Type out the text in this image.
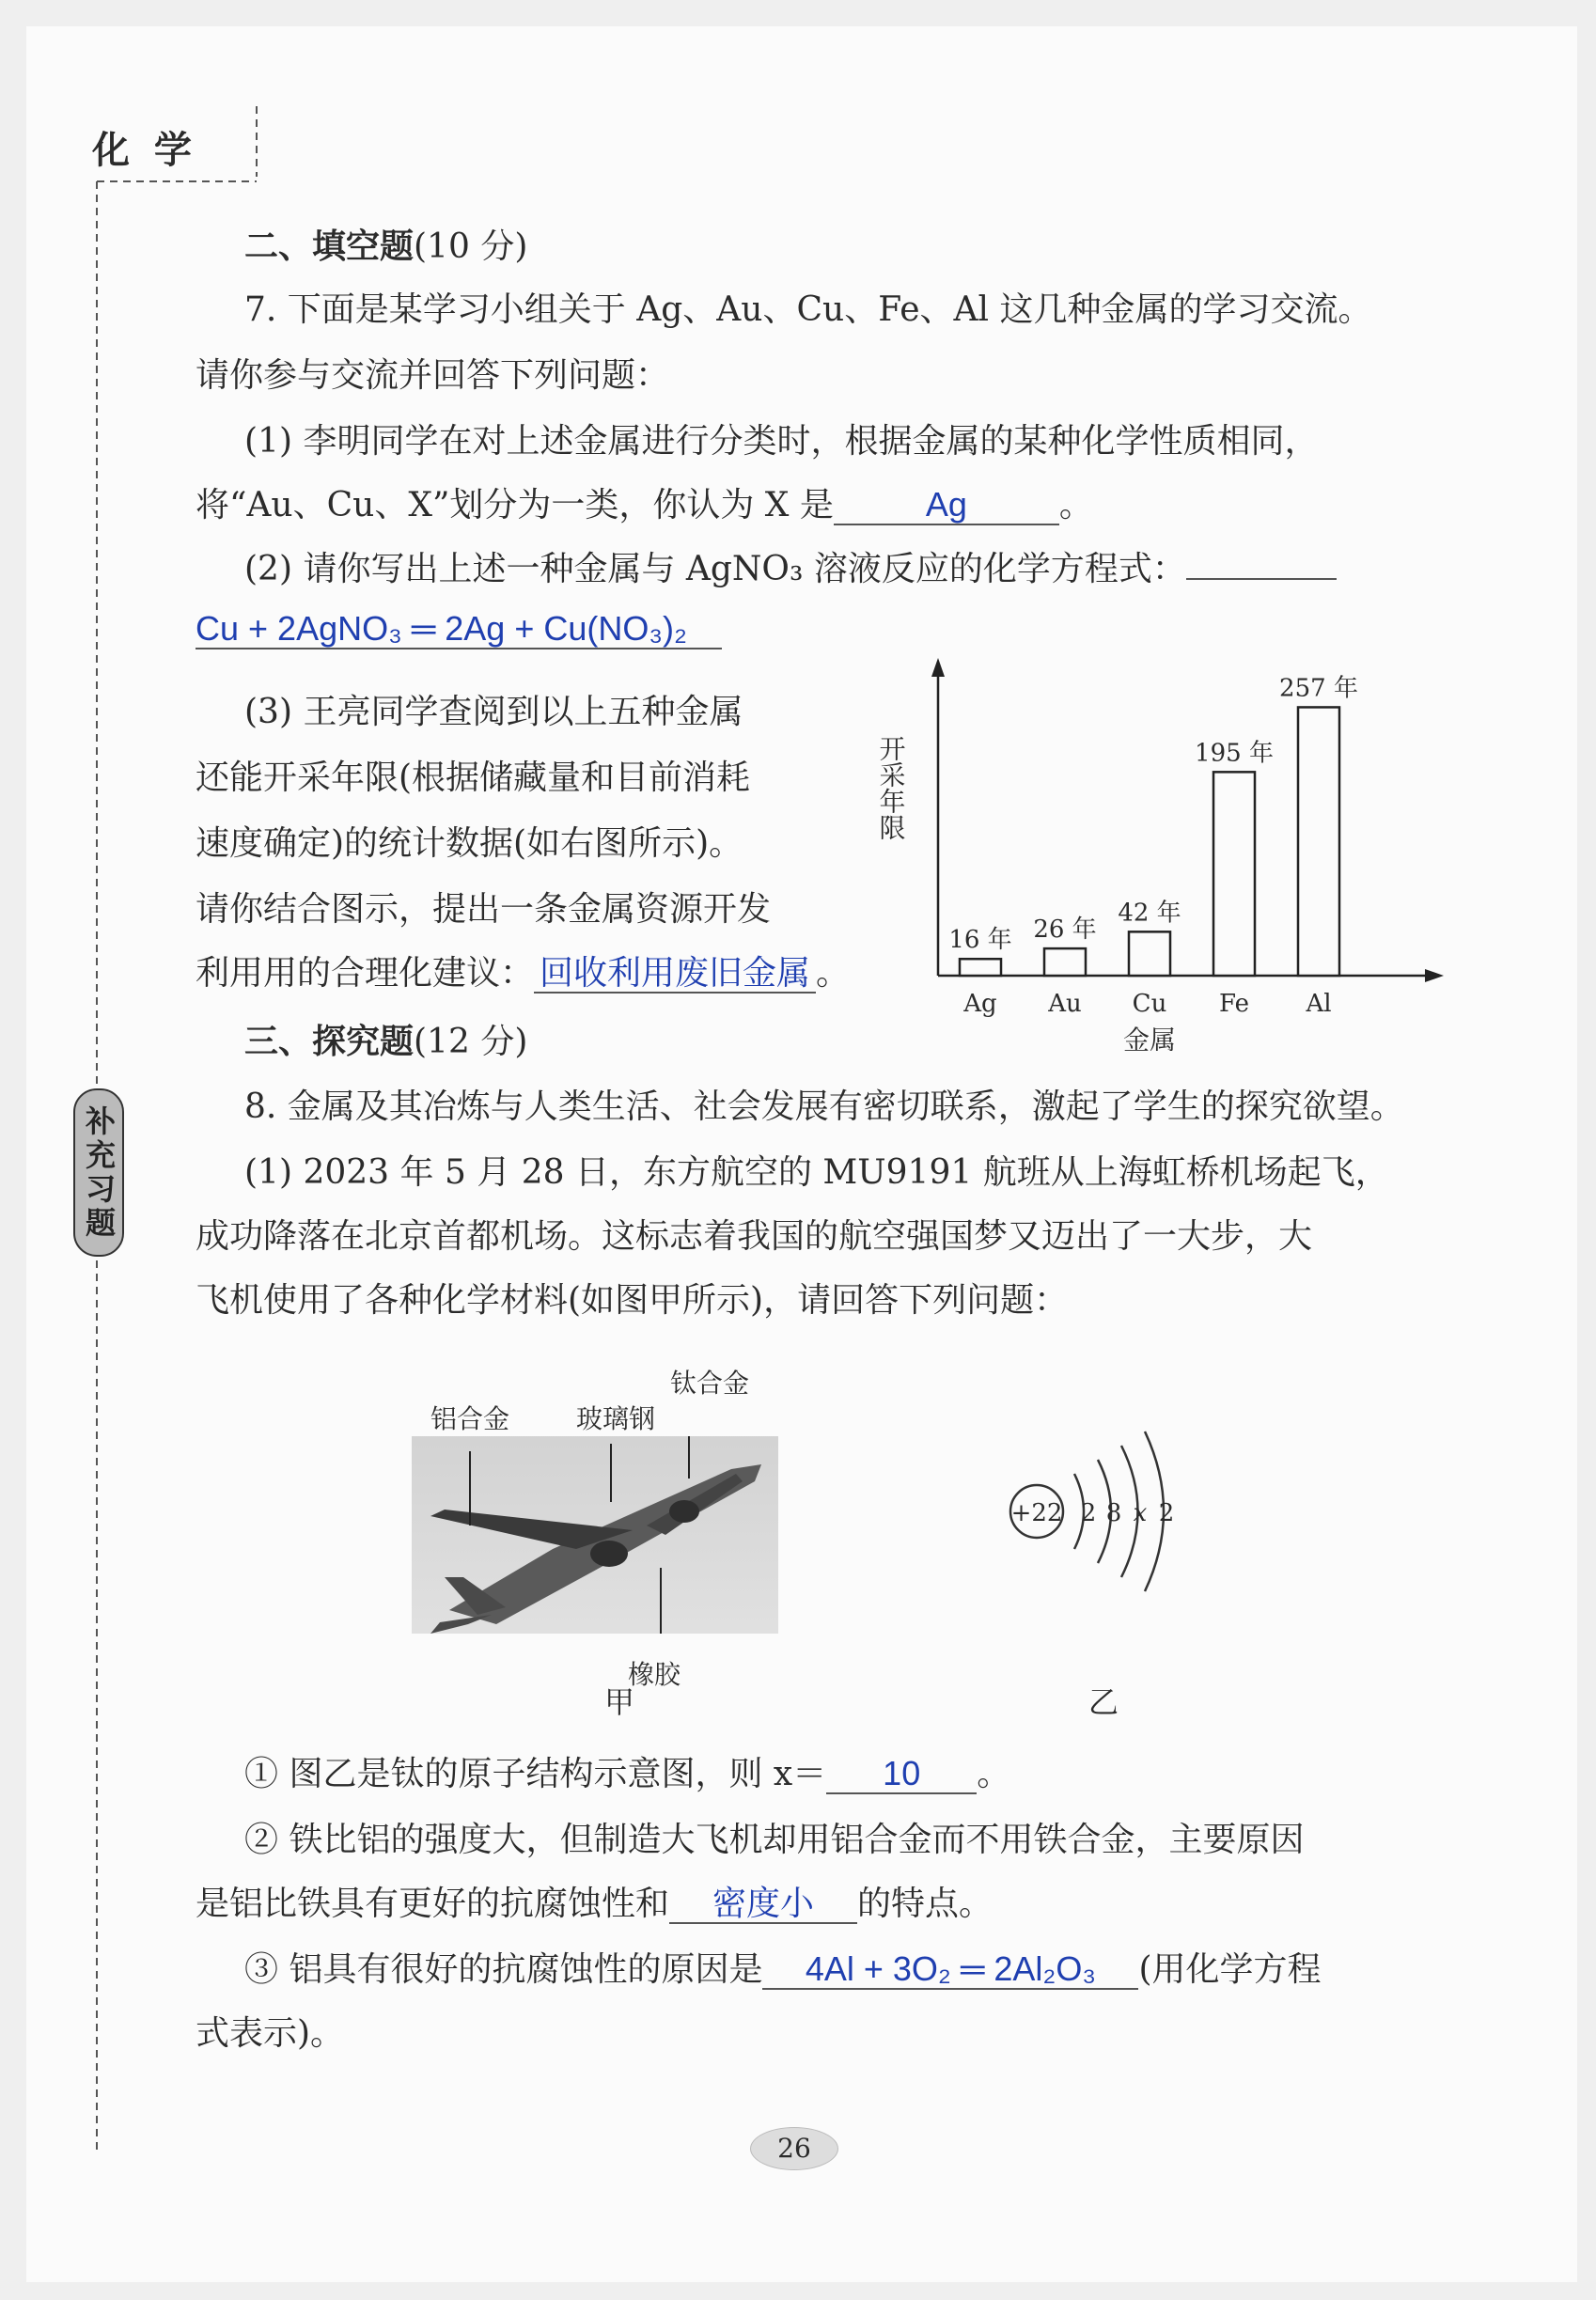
化 学
补充习题
二、填空题(10 分)
7. 下面是某学习小组关于 Ag、Au、Cu、Fe、Al 这几种金属的学习交流。
请你参与交流并回答下列问题：
(1) 李明同学在对上述金属进行分类时，根据金属的某种化学性质相同，
将“Au、Cu、X”划分为一类，你认为 X 是	Ag	。
(2) 请你写出上述一种金属与 AgNO₃ 溶液反应的化学方程式：
Cu + 2AgNO₃ ═ 2Ag + Cu(NO₃)₂
(3) 王亮同学查阅到以上五种金属
还能开采年限(根据储藏量和目前消耗
速度确定)的统计数据(如右图所示)。
请你结合图示，提出一条金属资源开发
利用用的合理化建议： 回收利用废旧金属 。
开采年限
16 年
Ag
26 年
Au
42 年
Cu
195 年
Fe
257 年
Al
金属
三、探究题(12 分)
8. 金属及其冶炼与人类生活、社会发展有密切联系，激起了学生的探究欲望。
(1) 2023 年 5 月 28 日，东方航空的 MU9191 航班从上海虹桥机场起飞，
成功降落在北京首都机场。这标志着我国的航空强国梦又迈出了一大步，大
飞机使用了各种化学材料(如图甲所示)，请回答下列问题：
铝合金	玻璃钢
钛合金
橡胶
甲
+22 2 8 x 2
乙
① 图乙是钛的原子结构示意图，则 x＝ 10 。
② 铁比铝的强度大，但制造大飞机却用铝合金而不用铁合金，主要原因
是铝比铁具有更好的抗腐蚀性和 密度小 的特点。
③ 铝具有很好的抗腐蚀性的原因是 4Al + 3O₂ ═ 2Al₂O₃ (用化学方程
式表示)。
26
